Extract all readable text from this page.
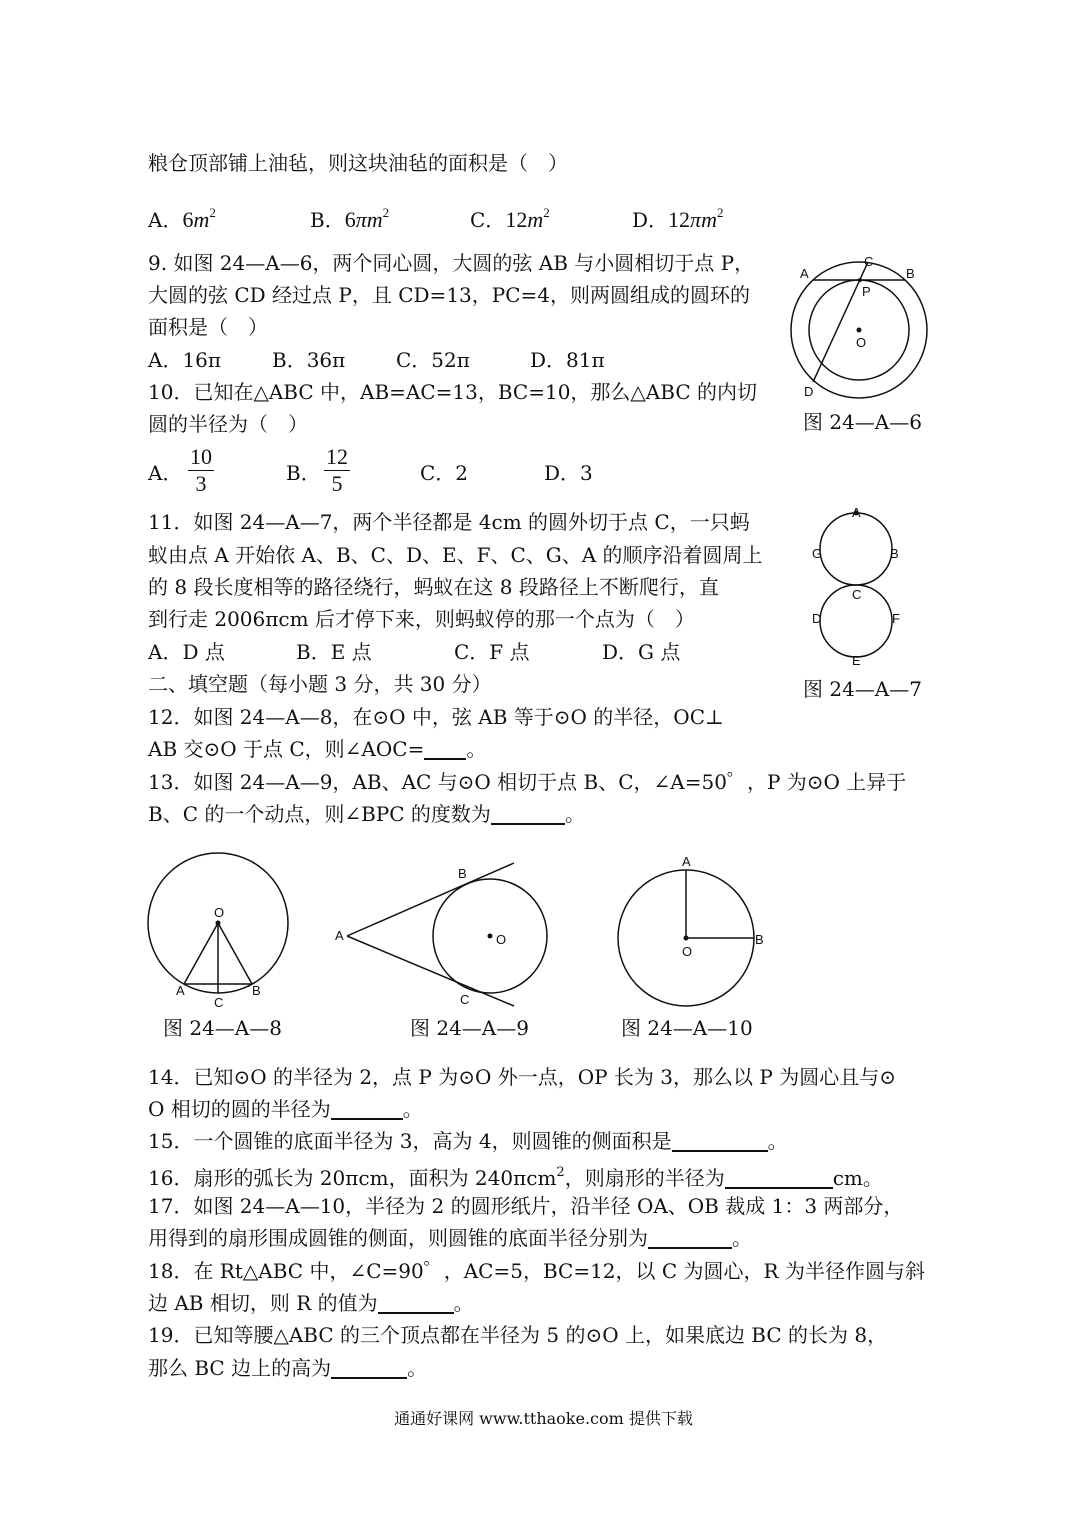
粮仓顶部铺上油毡，则这块油毡的面积是（　）
A．$6m^2$	B．$6\pi m^2$	C．$12m^2$	D．$12\pi m^2$
9. 如图 24—A—6，两个同心圆，大圆的弦 AB 与小圆相切于点 P，
大圆的弦 CD 经过点 P，且 CD=13，PC=4，则两圆组成的圆环的
面积是（　）
A．16π	B．36π	C．52π	D．81π
10．已知在△ABC 中，AB=AC=13，BC=10，那么△ABC 的内切
圆的半径为（　）
A． $\frac{10}{3}$	B． $\frac{12}{5}$	C．2	D．3
11．如图 24—A—7，两个半径都是 4cm 的圆外切于点 C，一只蚂
蚁由点 A 开始依 A、B、C、D、E、F、C、G、A 的顺序沿着圆周上
的 8 段长度相等的路径绕行，蚂蚁在这 8 段路径上不断爬行，直
到行走 2006πcm 后才停下来，则蚂蚁停的那一个点为（　）
A．D 点	B．E 点	C．F 点	D．G 点
二、填空题（每小题 3 分，共 30 分）
12．如图 24—A—8，在⊙O 中，弦 AB 等于⊙O 的半径，OC⊥
AB 交⊙O 于点 C，则∠AOC= 。
13．如图 24—A—9，AB、AC 与⊙O 相切于点 B、C，∠A=50゜，P 为⊙O 上异于
B、C 的一个动点，则∠BPC 的度数为	。
A	B
C
P
O
D
图 24—A—6
A
B
G
C
D	F
E
图 24—A—7
O
A	B
C
图 24—A—8
A
B
C
O
图 24—A—9
A
B
O
图 24—A—10
14．已知⊙O 的半径为 2，点 P 为⊙O 外一点，OP 长为 3，那么以 P 为圆心且与⊙
O 相切的圆的半径为	。
15．一个圆锥的底面半径为 3，高为 4，则圆锥的侧面积是	。
16．扇形的弧长为 20πcm，面积为 240πcm$^2$，则扇形的半径为	cm。
17．如图 24—A—10，半径为 2 的圆形纸片，沿半径 OA、OB 裁成 1：3 两部分，
用得到的扇形围成圆锥的侧面，则圆锥的底面半径分别为	。
18．在 Rt△ABC 中，∠C=90゜，AC=5，BC=12，以 C 为圆心，R 为半径作圆与斜
边 AB 相切，则 R 的值为	。
19．已知等腰△ABC 的三个顶点都在半径为 5 的⊙O 上，如果底边 BC 的长为 8，
那么 BC 边上的高为	。
通通好课网 www.tthaoke.com 提供下载
